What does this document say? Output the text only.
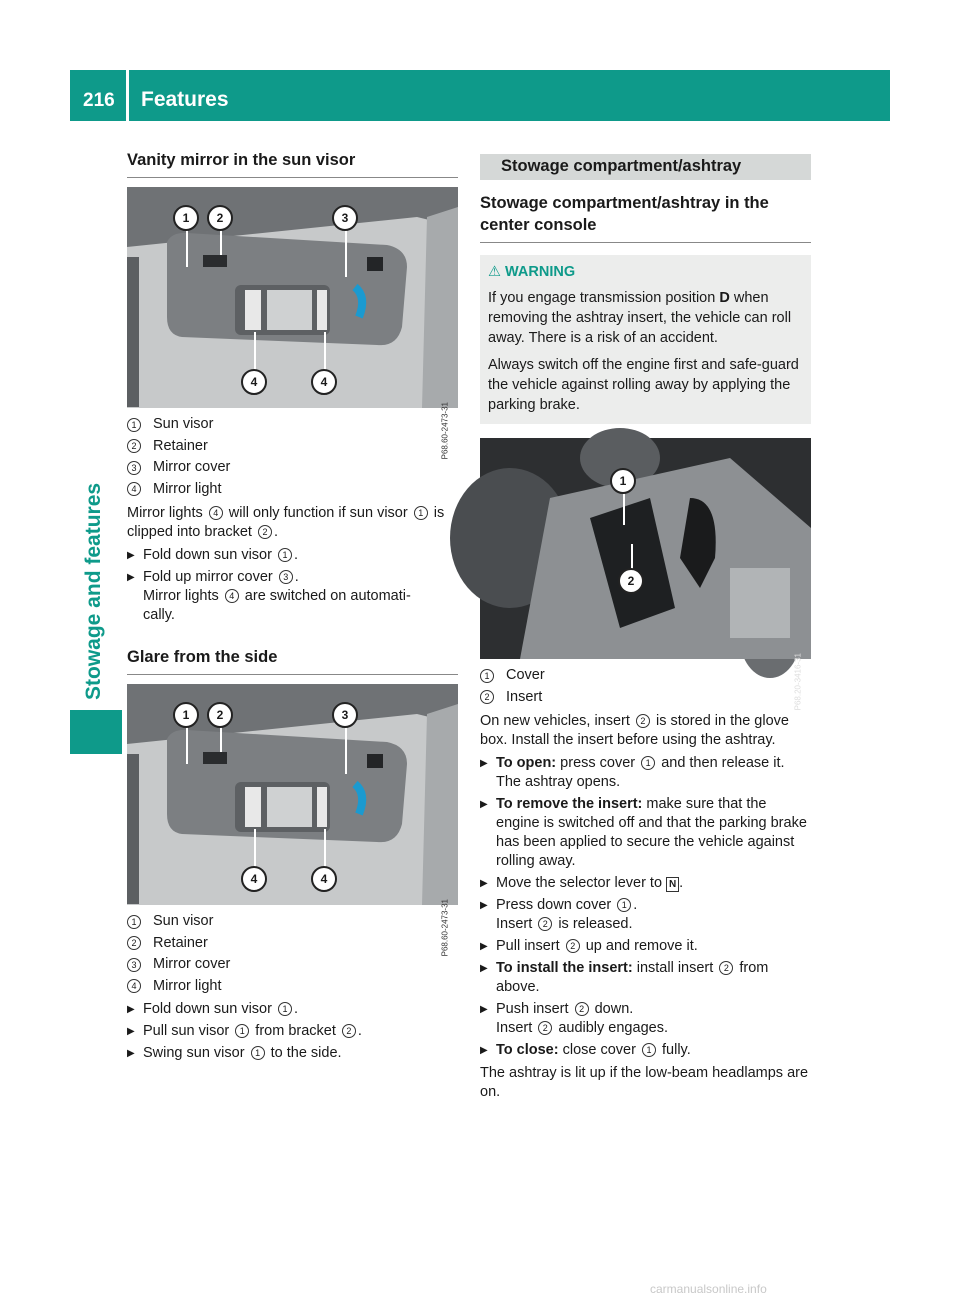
216 Features
Stowage and features
Vanity mirror in the sun visor
1	2	3
4	4
P68.60-2473-31
1	Sun visor
2	Retainer
3	Mirror cover
4	Mirror light

Mirror lights 4 will only function if sun visor 1 is clipped into bracket 2 .

▶ Fold down sun visor 1 .
▶ Fold up mirror cover 3 .
Mirror lights 4 are switched on automati-
cally.
Glare from the side
1	2	3
4	4
P68.60-2473-31
1	Sun visor
2	Retainer
3	Mirror cover
4	Mirror light
▶ Fold down sun visor 1 .
▶ Pull sun visor 1 from bracket 2 .
▶ Swing sun visor 1 to the side.
Stowage compartment/ashtray
Stowage compartment/ashtray in the center console
⚠ WARNING

If you engage transmission position D when removing the ashtray insert, the vehicle can roll away. There is a risk of an accident.

Always switch off the engine first and safe-guard the vehicle against rolling away by applying the parking brake.

1
2
P68.20-3416-31
1	Cover
2	Insert

On new vehicles, insert 2 is stored in the glove box. Install the insert before using the ashtray.

▶ To open: press cover 1 and then release it.
The ashtray opens.
▶ To remove the insert: make sure that the engine is switched off and that the parking brake has been applied to secure the vehicle against rolling away.
▶ Move the selector lever to N .
▶ Press down cover 1 .
Insert 2 is released.
▶ Pull insert 2 up and remove it.
▶ To install the insert: install insert 2 from above.
▶ Push insert 2 down.
Insert 2 audibly engages.
▶ To close: close cover 1 fully.

The ashtray is lit up if the low-beam headlamps are on.

carmanualsonline.info
